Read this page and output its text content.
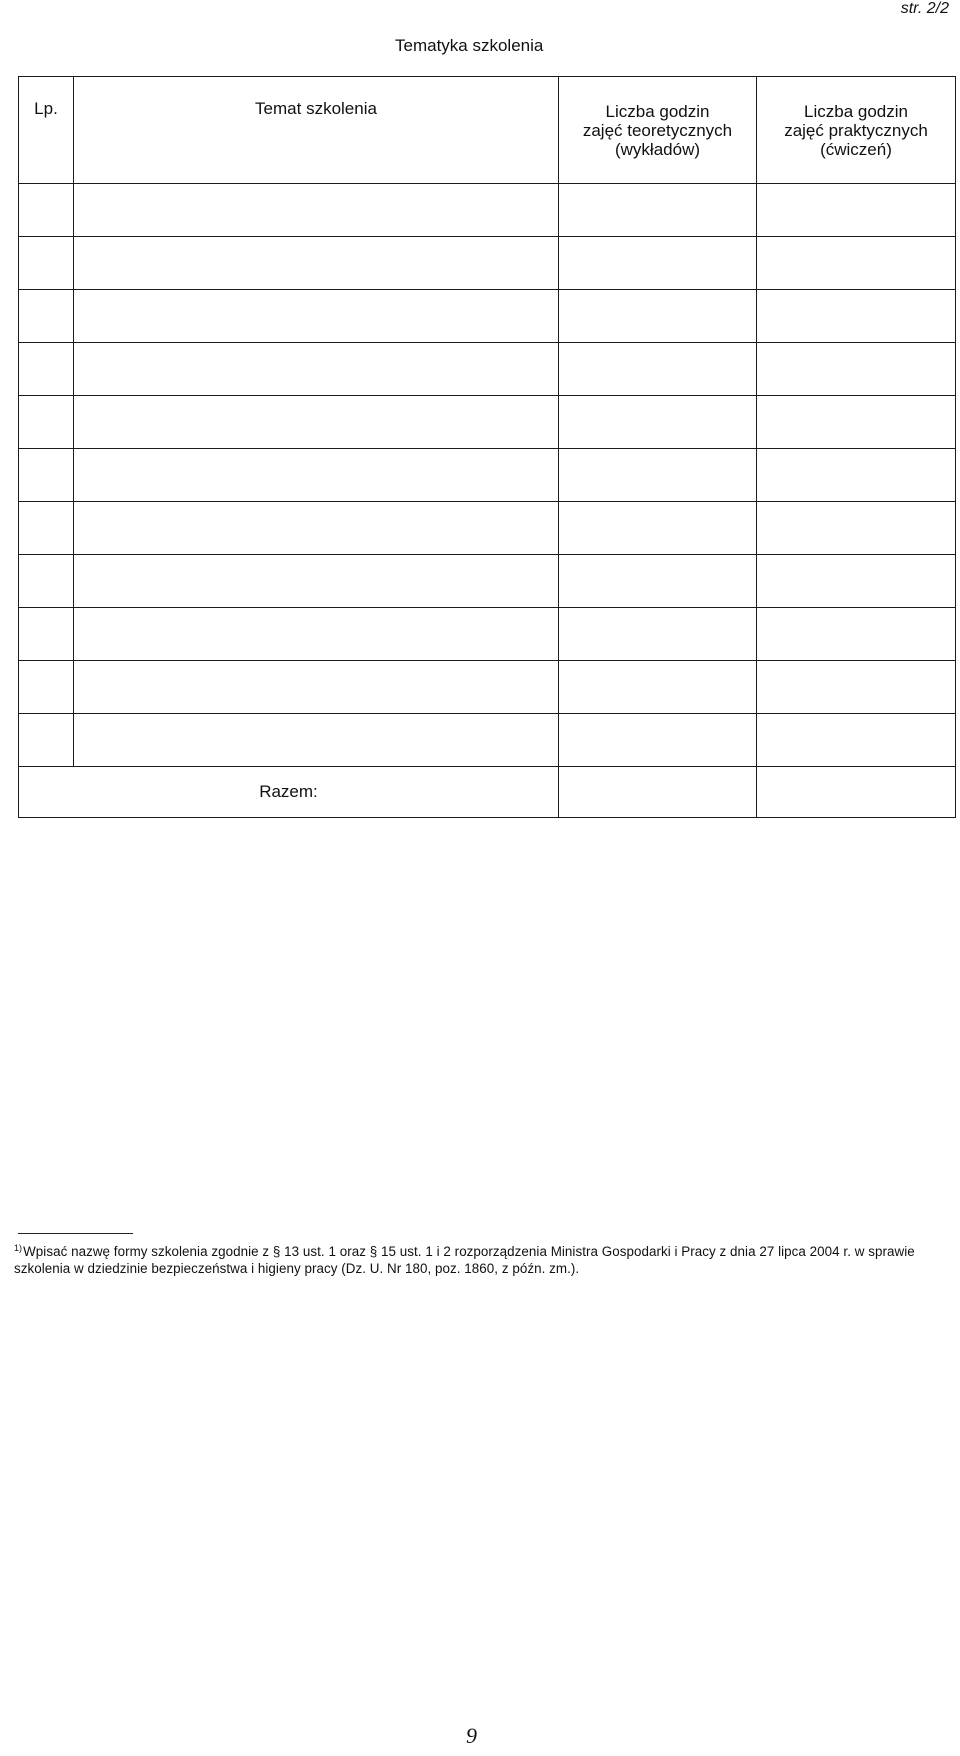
str. 2/2
Tematyka szkolenia
Lp.	Temat szkolenia	Liczba godzin
zajęć teoretycznych
(wykładów)	Liczba godzin
zajęć praktycznych
(ćwiczeń)

Razem:			
$^{1)}$Wpisać nazwę formy szkolenia zgodnie z § 13 ust. 1 oraz § 15 ust. 1 i 2 rozporządzenia Ministra Gospodarki i Pracy z dnia 27 lipca 2004 r. w sprawie szkolenia w dziedzinie bezpieczeństwa i higieny pracy (Dz. U. Nr 180, poz. 1860, z późn. zm.).
9
